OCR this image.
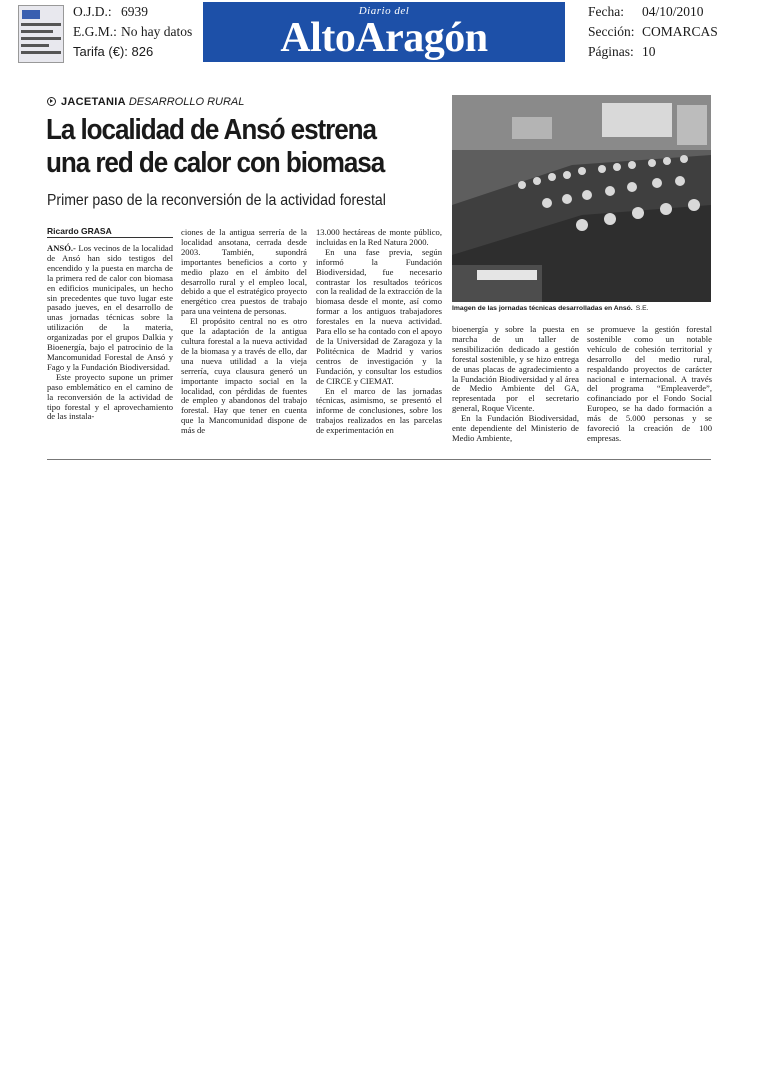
O.J.D.: 6939
E.G.M.: No hay datos
Tarifa (€): 826
Diario del
AltoAragón
Fecha: 04/10/2010
Sección: COMARCAS
Páginas: 10
JACETANIA DESARROLLO RURAL
La localidad de Ansó estrena
una red de calor con biomasa
Primer paso de la reconversión de la actividad forestal
Ricardo GRASA

ANSÓ.- Los vecinos de la localidad de Ansó han sido testigos del encendido y la puesta en marcha de la primera red de calor con biomasa en edificios municipales, un hecho sin precedentes que tuvo lugar este pasado jueves, en el desarrollo de unas jornadas técnicas sobre la utilización de la materia, organizadas por el grupos Dalkia y Bioenergía, bajo el patrocinio de la Mancomunidad Forestal de Ansó y Fago y la Fundación Biodiversidad.

Este proyecto supone un primer paso emblemático en el camino de la reconversión de la actividad de tipo forestal y el aprovechamiento de las instala-

ciones de la antigua serrería de la localidad ansotana, cerrada desde 2003. También, supondrá importantes beneficios a corto y medio plazo en el ámbito del desarrollo rural y el empleo local, debido a que el estratégico proyecto energético crea puestos de trabajo para una veintena de personas.

El propósito central no es otro que la adaptación de la antigua cultura forestal a la nueva actividad de la biomasa y a través de ello, dar una nueva utilidad a la vieja serrería, cuya clausura generó un importante impacto social en la localidad, con pérdidas de fuentes de empleo y abandonos del trabajo forestal. Hay que tener en cuenta que la Mancomunidad dispone de más de

13.000 hectáreas de monte público, incluidas en la Red Natura 2000.

En una fase previa, según informó la Fundación Biodiversidad, fue necesario contrastar los resultados teóricos con la realidad de la extracción de la biomasa desde el monte, así como formar a los antiguos trabajadores forestales en la nueva actividad. Para ello se ha contado con el apoyo de la Universidad de Zaragoza y la Politécnica de Madrid y varios centros de investigación y la Fundación, y consultar los estudios de CIRCE y CIEMAT.

En el marco de las jornadas técnicas, asimismo, se presentó el informe de conclusiones, sobre los trabajos realizados en las parcelas de experimentación en

Imagen de las jornadas técnicas desarrolladas en Ansó. S.E.

bioenergía y sobre la puesta en marcha de un taller de sensibilización dedicado a gestión forestal sostenible, y se hizo entrega de unas placas de agradecimiento a la Fundación Biodiversidad y al área de Medio Ambiente del GA, representada por el secretario general, Roque Vicente.

En la Fundación Biodiversidad, ente dependiente del Ministerio de Medio Ambiente,

se promueve la gestión forestal sostenible como un notable vehículo de cohesión territorial y desarrollo del medio rural, respaldando proyectos de carácter nacional e internacional. A través del programa “Empleaverde”, cofinanciado por el Fondo Social Europeo, se ha dado formación a más de 5.000 personas y se favoreció la creación de 100 empresas.
